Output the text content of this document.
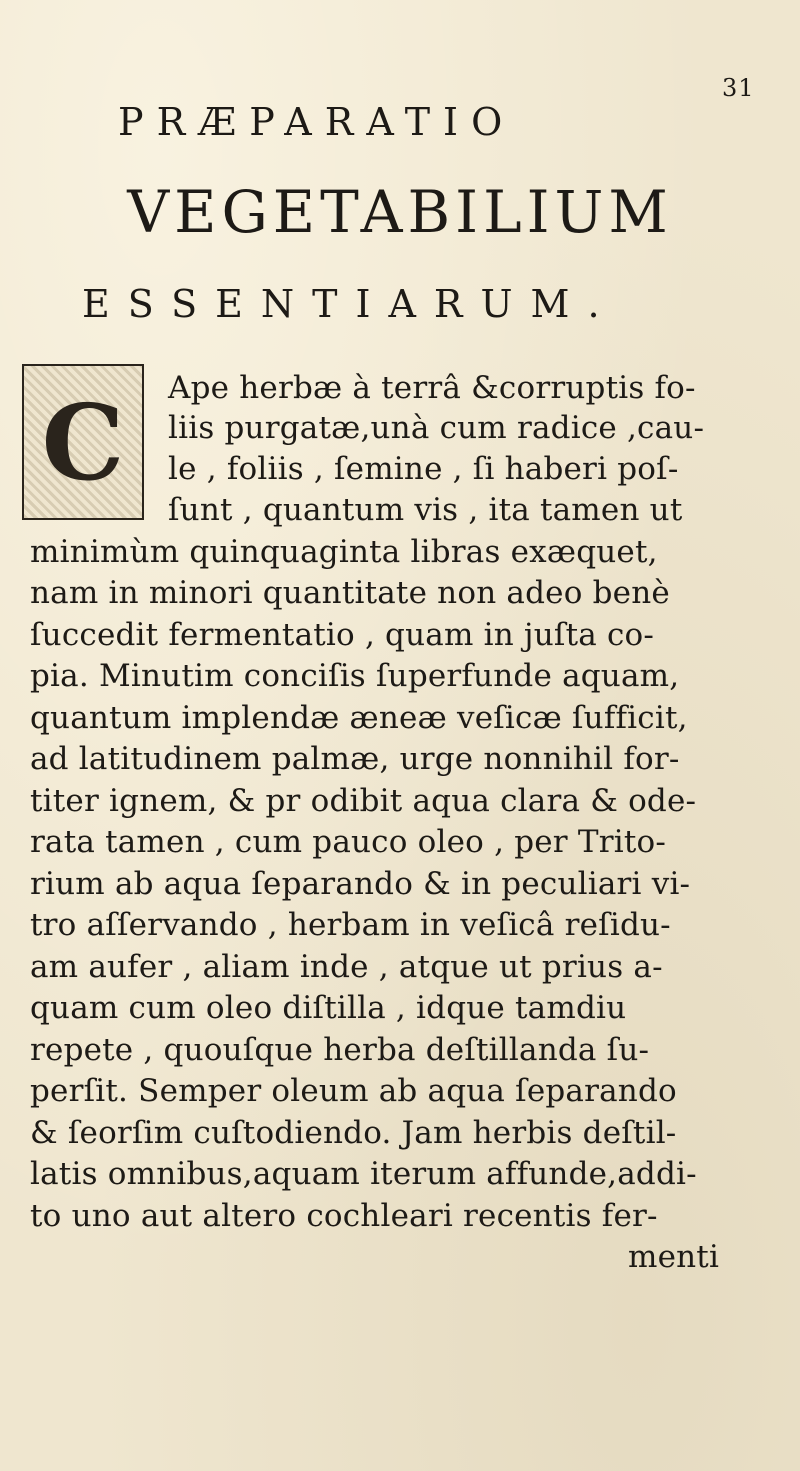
31
PRÆPARATIO
VEGETABILIUM
ESSENTIARUM.
C	Ape herbæ à terrâ &corruptis fo-
liis purgatæ,unà cum radice ,cau-
le , foliis , ſemine , ſi haberi poſ-
ſunt , quantum vis , ita tamen ut
minimùm quinquaginta libras exæquet,
nam in minori quantitate non adeo benè
ſuccedit fermentatio , quam in juſta co-
pia. Minutim conciſis ſuperfunde aquam,
quantum implendæ æneæ veſicæ ſufficit,
ad latitudinem palmæ, urge nonnihil for-
titer ignem, & pr odibit aqua clara & ode-
rata tamen , cum pauco oleo , per Trito-
rium ab aqua ſeparando & in peculiari vi-
tro aſſervando , herbam in veſicâ reſidu-
am aufer , aliam inde , atque ut prius a-
quam cum oleo diſtilla , idque tamdiu
repete , quouſque herba deſtillanda ſu-
perſit. Semper oleum ab aqua ſeparando
& ſeorſim cuſtodiendo. Jam herbis deſtil-
latis omnibus,aquam iterum affunde,addi-
to uno aut altero cochleari recentis fer-
menti
